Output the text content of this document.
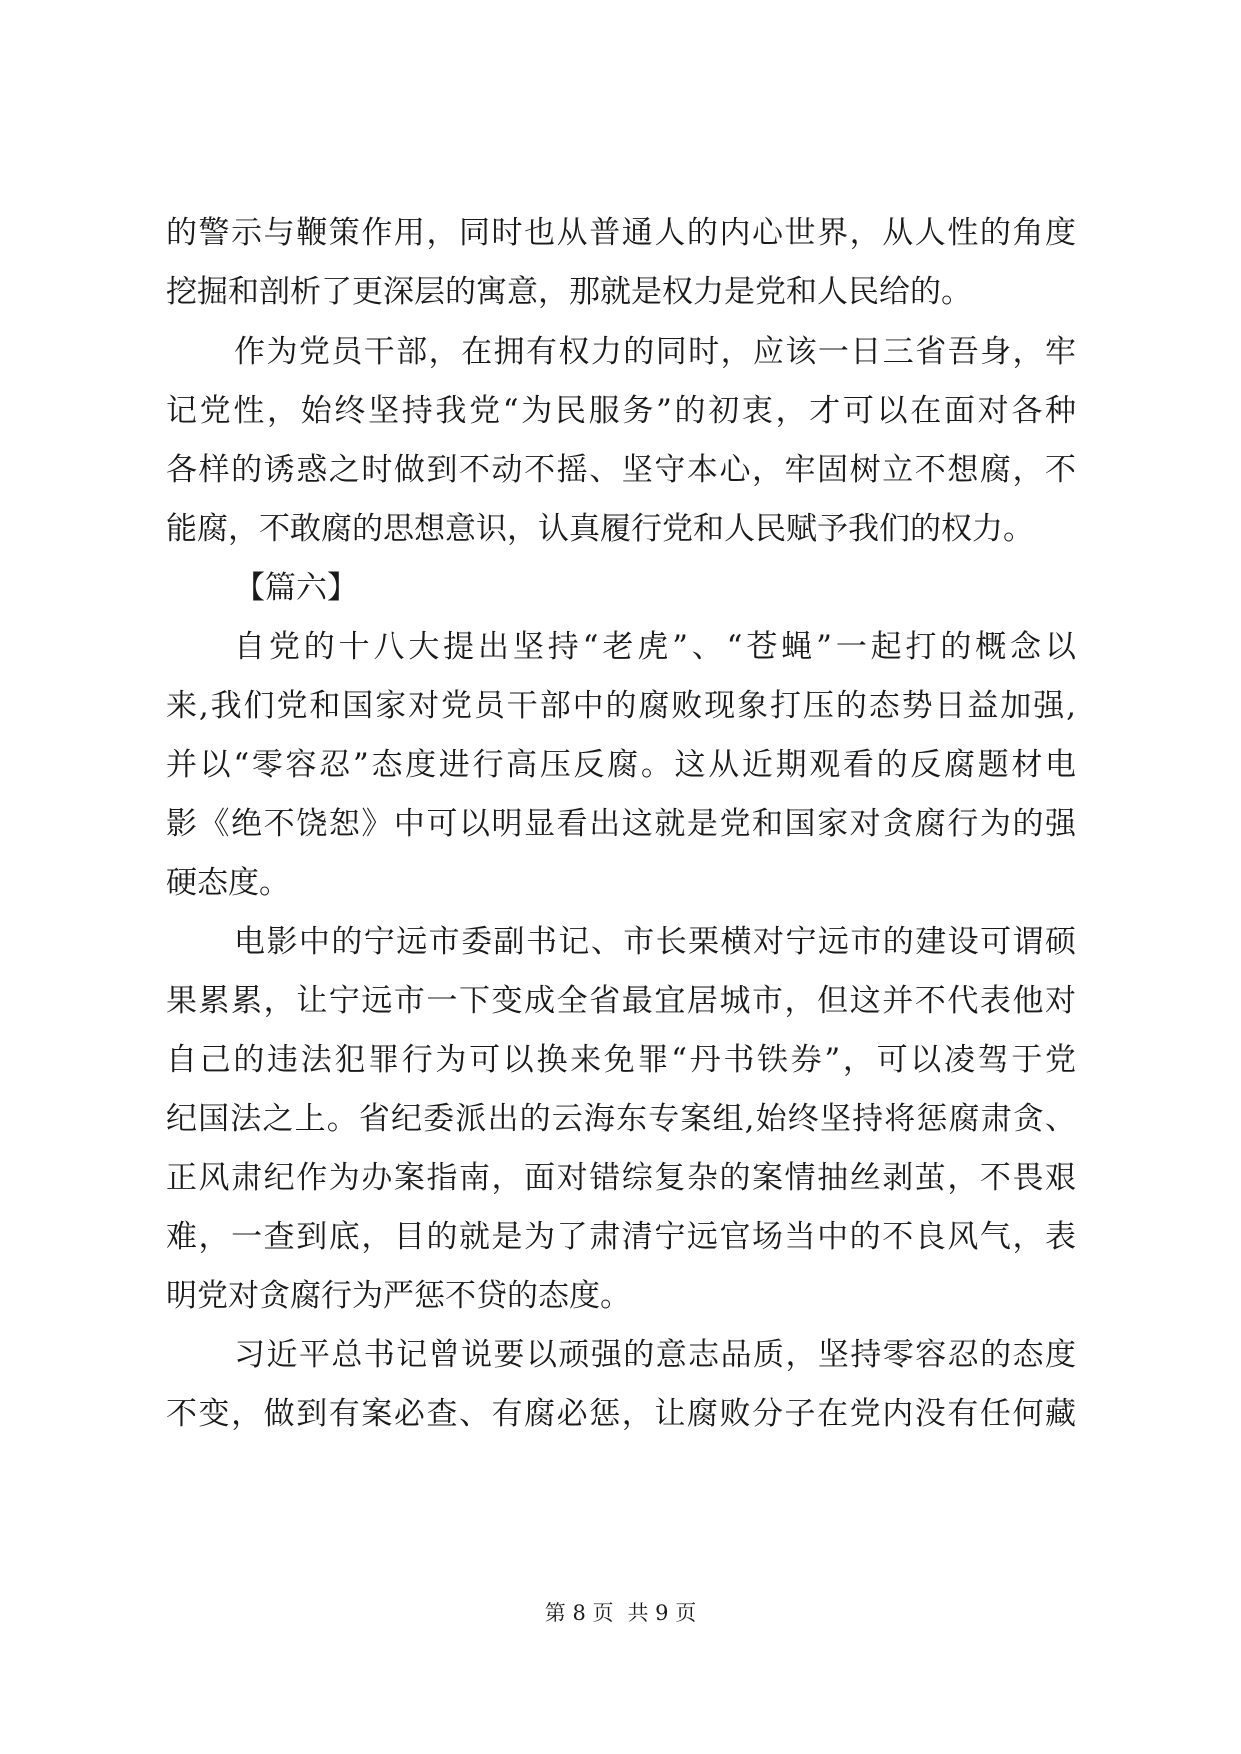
的警示与鞭策作用，同时也从普通人的内心世界，从人性的角度
挖掘和剖析了更深层的寓意，那就是权力是党和人民给的。
作为党员干部，在拥有权力的同时，应该一日三省吾身，牢
记党性，始终坚持我党“为民服务”的初衷，才可以在面对各种
各样的诱惑之时做到不动不摇、坚守本心，牢固树立不想腐，不
能腐，不敢腐的思想意识，认真履行党和人民赋予我们的权力。
【篇六】
自党的十八大提出坚持“老虎”、“苍蝇”一起打的概念以
来,我们党和国家对党员干部中的腐败现象打压的态势日益加强,
并以“零容忍”态度进行高压反腐。这从近期观看的反腐题材电
影《绝不饶恕》中可以明显看出这就是党和国家对贪腐行为的强
硬态度。
电影中的宁远市委副书记、市长栗横对宁远市的建设可谓硕
果累累，让宁远市一下变成全省最宜居城市，但这并不代表他对
自己的违法犯罪行为可以换来免罪“丹书铁券”，可以凌驾于党
纪国法之上。省纪委派出的云海东专案组,始终坚持将惩腐肃贪、
正风肃纪作为办案指南，面对错综复杂的案情抽丝剥茧，不畏艰
难，一查到底，目的就是为了肃清宁远官场当中的不良风气，表
明党对贪腐行为严惩不贷的态度。
习近平总书记曾说要以顽强的意志品质，坚持零容忍的态度
不变，做到有案必查、有腐必惩，让腐败分子在党内没有任何藏
第 8 页 共 9 页
